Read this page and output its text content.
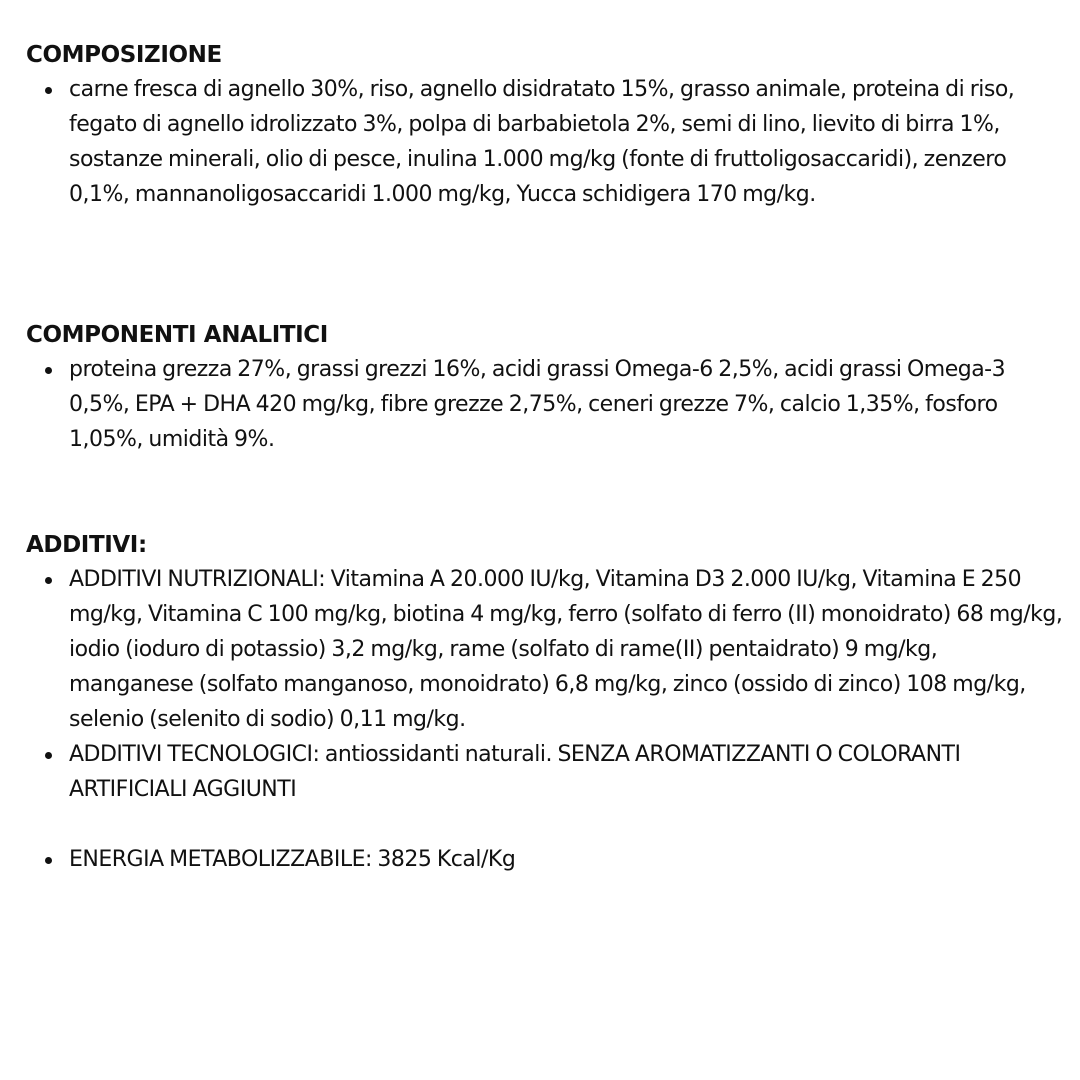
COMPOSIZIONE
carne fresca di agnello 30%, riso, agnello disidratato 15%, grasso animale, proteina di riso, fegato di agnello idrolizzato 3%, polpa di barbabietola 2%, semi di lino, lievito di birra 1%, sostanze minerali, olio di pesce, inulina 1.000 mg/kg (fonte di fruttoligosaccaridi), zenzero 0,1%, mannanoligosaccaridi 1.000 mg/kg, Yucca schidigera 170 mg/kg.
COMPONENTI ANALITICI
proteina grezza 27%, grassi grezzi 16%, acidi grassi Omega-6 2,5%, acidi grassi Omega-3 0,5%, EPA + DHA 420 mg/kg, fibre grezze 2,75%, ceneri grezze 7%, calcio 1,35%, fosforo 1,05%, umidità 9%.
ADDITIVI:
ADDITIVI NUTRIZIONALI: Vitamina A 20.000 IU/kg, Vitamina D3 2.000 IU/kg, Vitamina E 250 mg/kg, Vitamina C 100 mg/kg, biotina 4 mg/kg, ferro (solfato di ferro (II) monoidrato) 68 mg/kg, iodio (ioduro di potassio) 3,2 mg/kg, rame (solfato di rame(II) pentaidrato) 9 mg/kg, manganese (solfato manganoso, monoidrato) 6,8 mg/kg, zinco (ossido di zinco) 108 mg/kg, selenio (selenito di sodio) 0,11 mg/kg.
ADDITIVI TECNOLOGICI: antiossidanti naturali. SENZA AROMATIZZANTI O COLORANTI ARTIFICIALI AGGIUNTI
ENERGIA METABOLIZZABILE: 3825 Kcal/Kg
